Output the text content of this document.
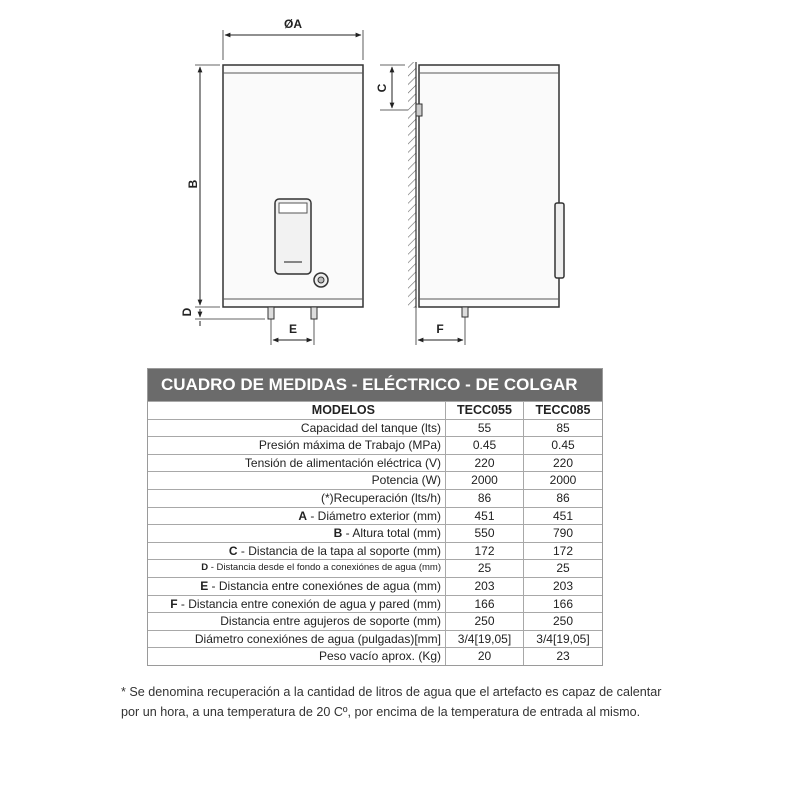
ØA
B
D
E
C
F
CUADRO DE MEDIDAS - ELÉCTRICO - DE COLGAR
MODELOS	TECC055	TECC085
Capacidad del tanque (lts)	55	85
Presión máxima de Trabajo (MPa)	0.45	0.45
Tensión de alimentación eléctrica (V)	220	220
Potencia (W)	2000	2000
(*)Recuperación (lts/h)	86	86
A - Diámetro exterior (mm)	451	451
B - Altura total (mm)	550	790
C - Distancia de la tapa al soporte (mm)	172	172
D - Distancia desde el fondo a conexiónes de agua (mm)	25	25
E - Distancia entre conexiónes de agua (mm)	203	203
F - Distancia entre conexión de agua y pared (mm)	166	166
Distancia entre agujeros de soporte (mm)	250	250
Diámetro conexiónes de agua (pulgadas)[mm]	3/4[19,05]	3/4[19,05]
Peso vacío aprox. (Kg)	20	23
* Se denomina recuperación a la cantidad de litros de agua que el artefacto es capaz de calentar por un hora, a una temperatura de 20 Cº, por encima de la temperatura de entrada al mismo.
